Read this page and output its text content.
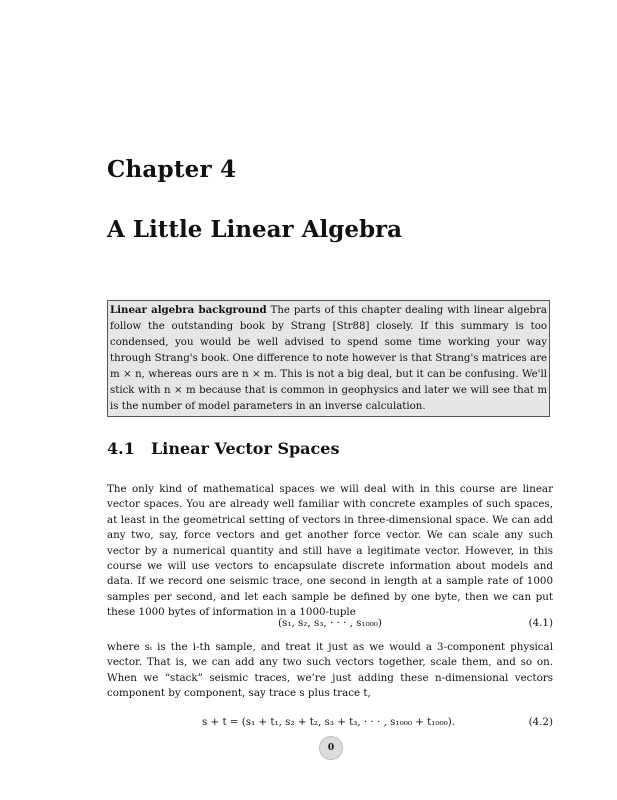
Chapter 4
A Little Linear Algebra
Linear algebra background The parts of this chapter dealing with linear algebra follow the outstanding book by Strang [Str88] closely. If this summary is too condensed, you would be well advised to spend some time working your way through Strang's book. One difference to note however is that Strang's matrices are m × n, whereas ours are n × m. This is not a big deal, but it can be confusing. We'll stick with n × m because that is common in geophysics and later we will see that m is the number of model parameters in an inverse calculation.
4.1 Linear Vector Spaces

The only kind of mathematical spaces we will deal with in this course are linear vector spaces. You are already well familiar with concrete examples of such spaces, at least in the geometrical setting of vectors in three-dimensional space. We can add any two, say, force vectors and get another force vector. We can scale any such vector by a numerical quantity and still have a legitimate vector. However, in this course we will use vectors to encapsulate discrete information about models and data. If we record one seismic trace, one second in length at a sample rate of 1000 samples per second, and let each sample be defined by one byte, then we can put these 1000 bytes of information in a 1000-tuple

(s₁, s₂, s₃, · · · , s₁₀₀₀)	(4.1)

where sᵢ is the i-th sample, and treat it just as we would a 3-component physical vector. That is, we can add any two such vectors together, scale them, and so on. When we “stack” seismic traces, we’re just adding these n-dimensional vectors component by component, say trace s plus trace t,

s + t = (s₁ + t₁, s₂ + t₂, s₃ + t₃, · · · , s₁₀₀₀ + t₁₀₀₀).	(4.2)
0
